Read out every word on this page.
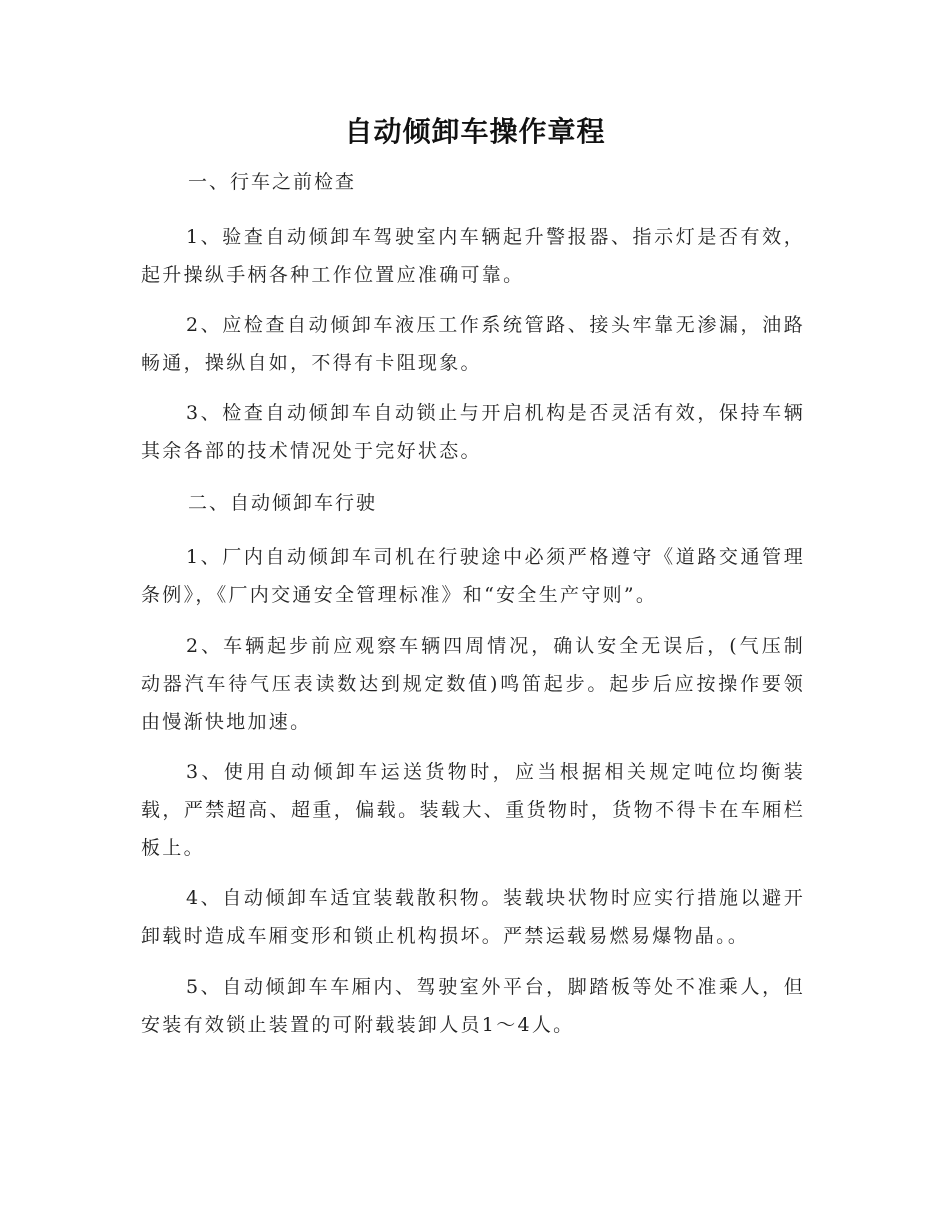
自动倾卸车操作章程
一、行车之前检查
1、验查自动倾卸车驾驶室内车辆起升警报器、指示灯是否有效，起升操纵手柄各种工作位置应准确可靠。
2、应检查自动倾卸车液压工作系统管路、接头牢靠无渗漏，油路畅通，操纵自如，不得有卡阻现象。
3、检查自动倾卸车自动锁止与开启机构是否灵活有效，保持车辆其余各部的技术情况处于完好状态。
二、自动倾卸车行驶
1、厂内自动倾卸车司机在行驶途中必须严格遵守《道路交通管理条例》，《厂内交通安全管理标准》和“安全生产守则”。
2、车辆起步前应观察车辆四周情况，确认安全无误后，(气压制动器汽车待气压表读数达到规定数值)鸣笛起步。起步后应按操作要领由慢渐快地加速。
3、使用自动倾卸车运送货物时，应当根据相关规定吨位均衡装载，严禁超高、超重，偏载。装载大、重货物时，货物不得卡在车厢栏板上。
4、自动倾卸车适宜装载散积物。装载块状物时应实行措施以避开卸载时造成车厢变形和锁止机构损坏。严禁运载易燃易爆物晶。。
5、自动倾卸车车厢内、驾驶室外平台，脚踏板等处不准乘人，但安装有效锁止装置的可附载装卸人员1～4人。
